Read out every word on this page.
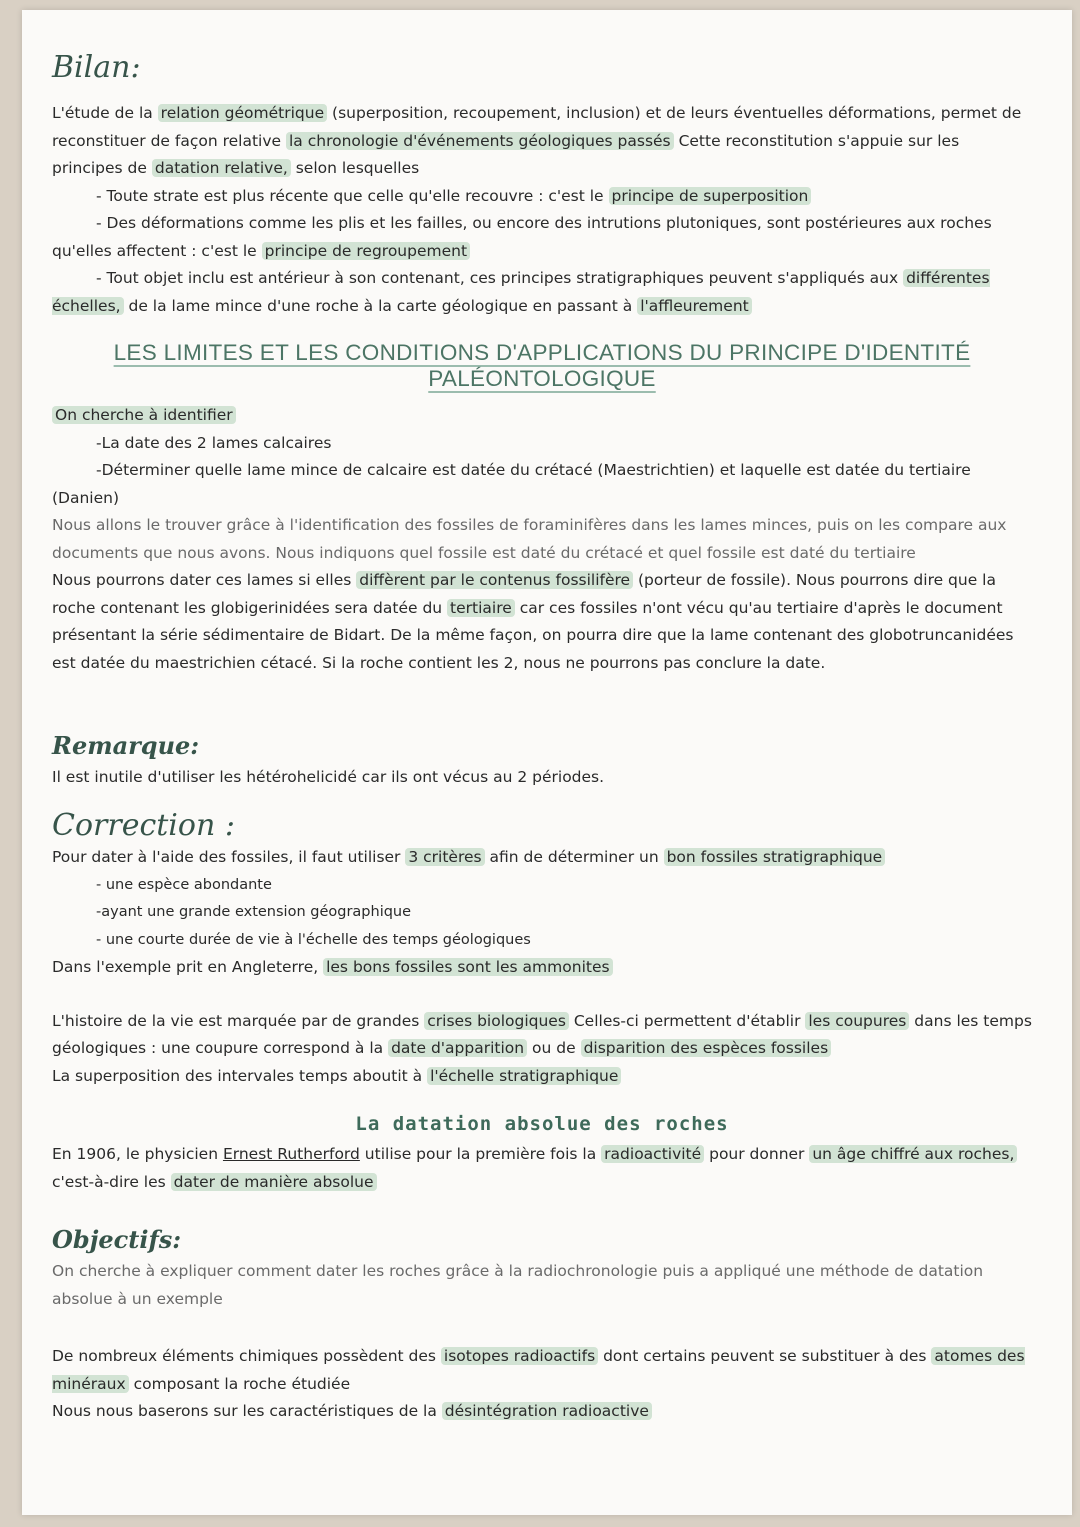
Bilan:

L'étude de la relation géométrique (superposition, recoupement, inclusion) et de leurs éventuelles déformations, permet de reconstituer de façon relative la chronologie d'événements géologiques passés Cette reconstitution s'appuie sur les principes de datation relative, selon lesquelles

- Toute strate est plus récente que celle qu'elle recouvre : c'est le principe de superposition

- Des déformations comme les plis et les failles, ou encore des intrutions plutoniques, sont postérieures aux roches qu'elles affectent : c'est le principe de regroupement

- Tout objet inclu est antérieur à son contenant, ces principes stratigraphiques peuvent s'appliqués aux différentes échelles, de la lame mince d'une roche à la carte géologique en passant à l'affleurement

LES LIMITES ET LES CONDITIONS D'APPLICATIONS DU PRINCIPE D'IDENTITÉ PALÉONTOLOGIQUE

On cherche à identifier

-La date des 2 lames calcaires

-Déterminer quelle lame mince de calcaire est datée du crétacé (Maestrichtien) et laquelle est datée du tertiaire (Danien)

Nous allons le trouver grâce à l'identification des fossiles de foraminifères dans les lames minces, puis on les compare aux documents que nous avons. Nous indiquons quel fossile est daté du crétacé et quel fossile est daté du tertiaire

Nous pourrons dater ces lames si elles diffèrent par le contenus fossilifère (porteur de fossile). Nous pourrons dire que la roche contenant les globigerinidées sera datée du tertiaire car ces fossiles n'ont vécu qu'au tertiaire d'après le document présentant la série sédimentaire de Bidart. De la même façon, on pourra dire que la lame contenant des globotruncanidées est datée du maestrichien cétacé. Si la roche contient les 2, nous ne pourrons pas conclure la date.

Remarque:

Il est inutile d'utiliser les hétérohelicidé car ils ont vécus au 2 périodes.

Correction :

Pour dater à l'aide des fossiles, il faut utiliser 3 critères afin de déterminer un bon fossiles stratigraphique

- une espèce abondante

-ayant une grande extension géographique

- une courte durée de vie à l'échelle des temps géologiques

Dans l'exemple prit en Angleterre, les bons fossiles sont les ammonites

L'histoire de la vie est marquée par de grandes crises biologiques Celles-ci permettent d'établir les coupures dans les temps géologiques : une coupure correspond à la date d'apparition ou de disparition des espèces fossiles

La superposition des intervales temps aboutit à l'échelle stratigraphique

La datation absolue des roches

En 1906, le physicien Ernest Rutherford utilise pour la première fois la radioactivité pour donner un âge chiffré aux roches, c'est-à-dire les dater de manière absolue

Objectifs:

On cherche à expliquer comment dater les roches grâce à la radiochronologie puis a appliqué une méthode de datation absolue à un exemple

De nombreux éléments chimiques possèdent des isotopes radioactifs dont certains peuvent se substituer à des atomes des minéraux composant la roche étudiée

Nous nous baserons sur les caractéristiques de la désintégration radioactive
